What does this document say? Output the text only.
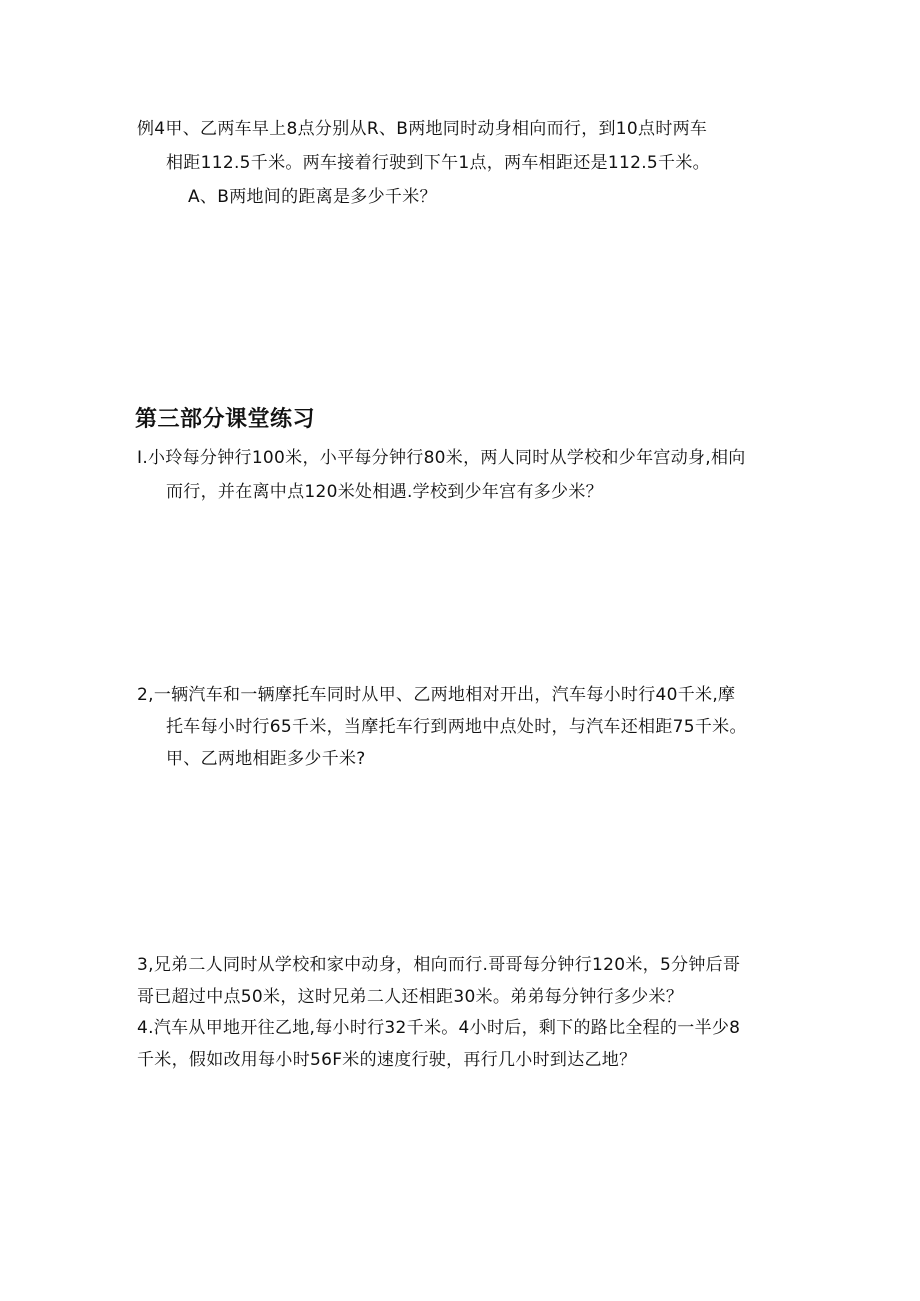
例4甲、乙两车早上8点分别从R、B两地同时动身相向而行，到10点时两车
相距112.5千米。两车接着行驶到下午1点，两车相距还是112.5千米。
A、B两地间的距离是多少千米？
第三部分课堂练习
I.小玲每分钟行100米，小平每分钟行80米，两人同时从学校和少年宫动身,相向
而行，并在离中点120米处相遇.学校到少年宫有多少米？
2,一辆汽车和一辆摩托车同时从甲、乙两地相对开出，汽车每小时行40千米,摩
托车每小时行65千米，当摩托车行到两地中点处时，与汽车还相距75千米。
甲、乙两地相距多少千米?
3,兄弟二人同时从学校和家中动身，相向而行.哥哥每分钟行120米，5分钟后哥
哥已超过中点50米，这时兄弟二人还相距30米。弟弟每分钟行多少米？
4.汽车从甲地开往乙地,每小时行32千米。4小时后，剩下的路比全程的一半少8
千米，假如改用每小时56F米的速度行驶，再行几小时到达乙地？
